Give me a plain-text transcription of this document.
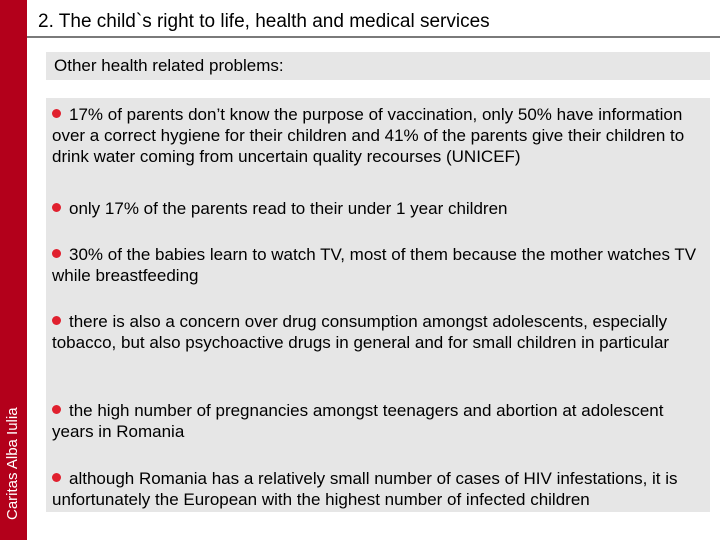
Caritas Alba Iulia
2. The child`s right to life, health and medical services
Other health related problems:
17% of parents don’t know the purpose of vaccination, only 50% have information over a correct hygiene for their children and 41% of the parents give their children to drink water coming from uncertain quality recourses (UNICEF)
only 17% of the parents read to their under 1 year children
30% of the babies learn to watch TV, most of them because the mother watches TV while breastfeeding
there is also a concern over drug consumption amongst adolescents, especially tobacco, but also psychoactive drugs in general and for small children in particular
the high number of pregnancies amongst teenagers and abortion at adolescent years in Romania
although Romania has a relatively small number of cases of HIV infestations, it is unfortunately the European with the highest number of infected children
